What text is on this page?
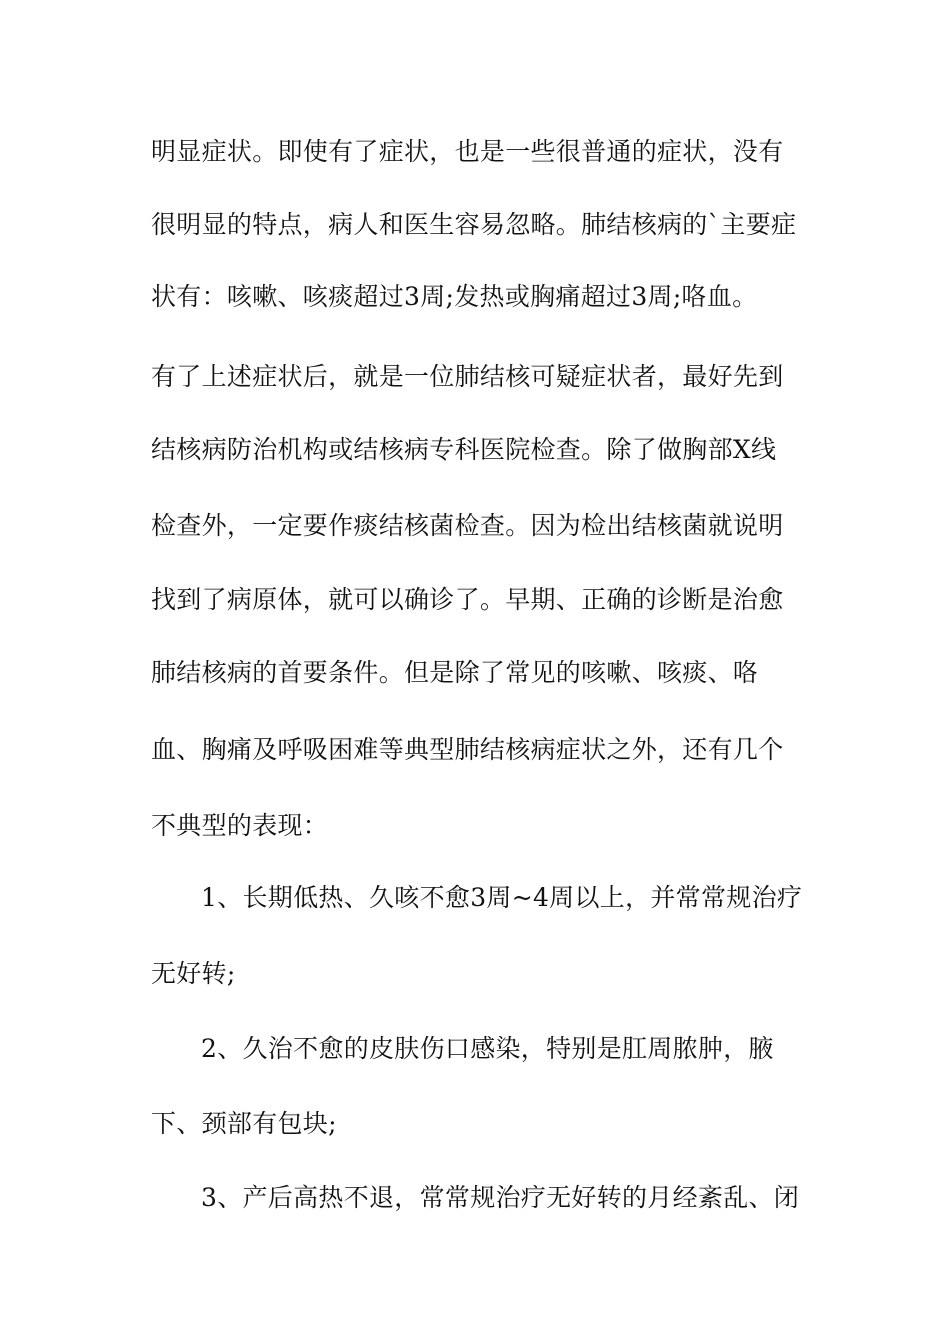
明显症状。即使有了症状，也是一些很普通的症状，没有
很明显的特点，病人和医生容易忽略。肺结核病的`主要症
状有：咳嗽、咳痰超过3周;发热或胸痛超过3周;咯血。
有了上述症状后，就是一位肺结核可疑症状者，最好先到
结核病防治机构或结核病专科医院检查。除了做胸部X线
检查外，一定要作痰结核菌检查。因为检出结核菌就说明
找到了病原体，就可以确诊了。早期、正确的诊断是治愈
肺结核病的首要条件。但是除了常见的咳嗽、咳痰、咯
血、胸痛及呼吸困难等典型肺结核病症状之外，还有几个
不典型的表现：
1、长期低热、久咳不愈3周~4周以上，并常常规治疗
无好转;
2、久治不愈的皮肤伤口感染，特别是肛周脓肿，腋
下、颈部有包块;
3、产后高热不退，常常规治疗无好转的月经紊乱、闭
